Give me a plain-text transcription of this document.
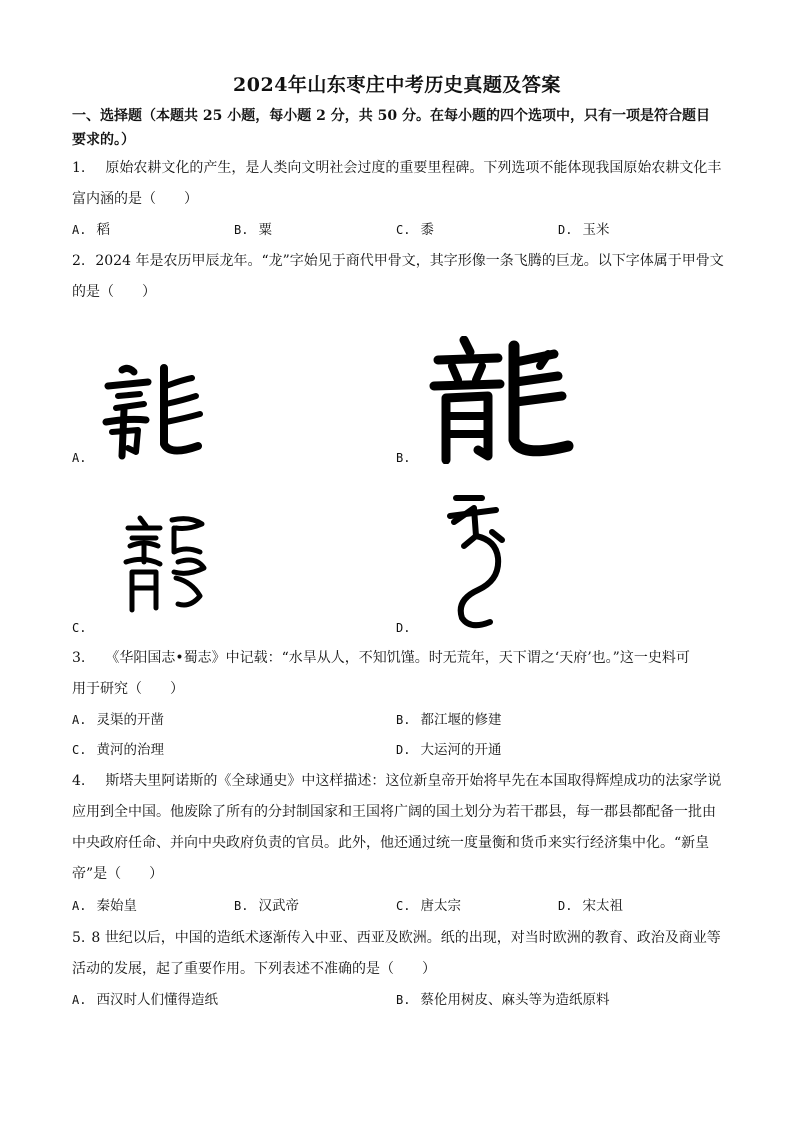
2024年山东枣庄中考历史真题及答案
一、选择题（本题共 25 小题，每小题 2 分，共 50 分。在每小题的四个选项中，只有一项是符合题目要求的。）
1. 原始农耕文化的产生，是人类向文明社会过度的重要里程碑。下列选项不能体现我国原始农耕文化丰
富内涵的是（　　）
A. 稻	B. 粟	C. 黍	D. 玉米
2. 2024 年是农历甲辰龙年。“龙”字始见于商代甲骨文，其字形像一条飞腾的巨龙。以下字体属于甲骨文
的是（　　）
A.	B.
C.	D.
3. 《华阳国志•蜀志》中记载：“水旱从人，不知饥馑。时无荒年，天下谓之‘天府’也。”这一史料可
用于研究（　　）
A. 灵渠的开凿	B. 都江堰的修建
C. 黄河的治理	D. 大运河的开通
4. 斯塔夫里阿诺斯的《全球通史》中这样描述：这位新皇帝开始将早先在本国取得辉煌成功的法家学说
应用到全中国。他废除了所有的分封制国家和王国将广阔的国土划分为若干郡县，每一郡县都配备一批由
中央政府任命、并向中央政府负责的官员。此外，他还通过统一度量衡和货币来实行经济集中化。“新皇
帝”是（　　）
A. 秦始皇	B. 汉武帝	C. 唐太宗	D. 宋太祖
5. 8 世纪以后，中国的造纸术逐渐传入中亚、西亚及欧洲。纸的出现，对当时欧洲的教育、政治及商业等
活动的发展，起了重要作用。下列表述不准确的是（　　）
A. 西汉时人们懂得造纸	B. 蔡伦用树皮、麻头等为造纸原料
